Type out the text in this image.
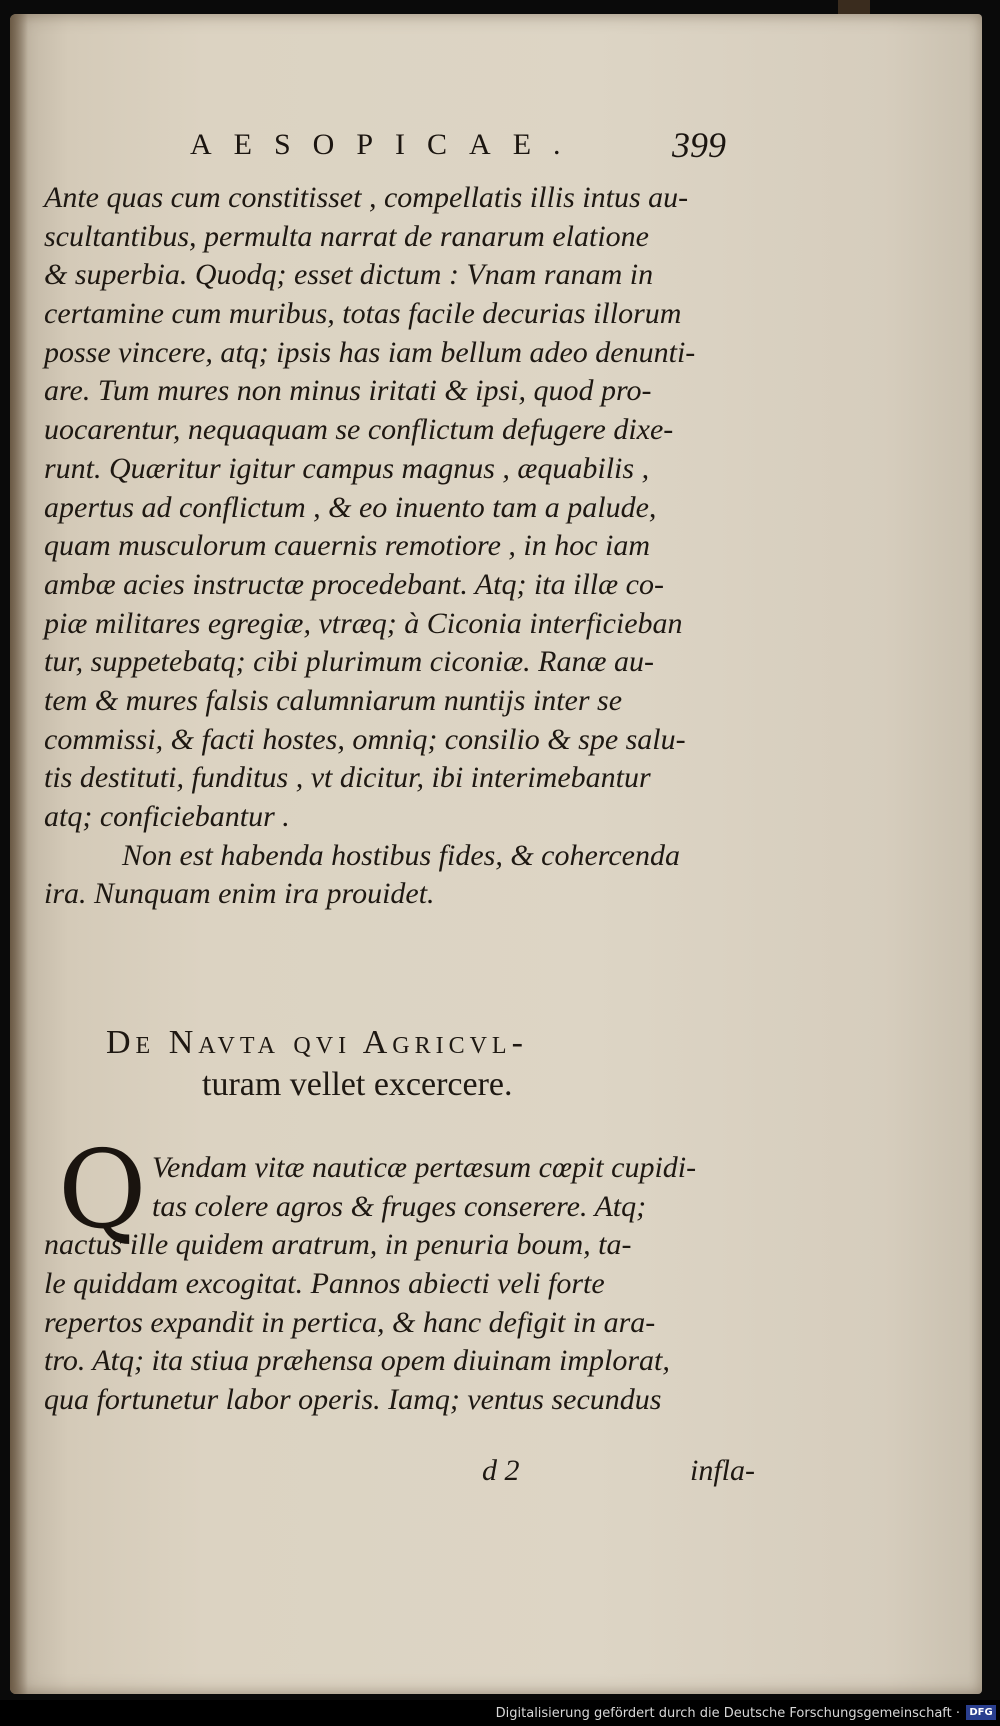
AESOPICAE. 399
Ante quas cum constitisset , compellatis illis intus au-
scultantibus, permulta narrat de ranarum elatione
& superbia. Quodq; esset dictum : Vnam ranam in
certamine cum muribus, totas facile decurias illorum
posse vincere, atq; ipsis has iam bellum adeo denunti-
are. Tum mures non minus iritati & ipsi, quod pro-
uocarentur, nequaquam se conflictum defugere dixe-
runt. Quæritur igitur campus magnus , æquabilis ,
apertus ad conflictum , & eo inuento tam a palude,
quam musculorum cauernis remotiore , in hoc iam
ambæ acies instructæ procedebant. Atq; ita illæ co-
piæ militares egregiæ, vtræq; à Ciconia interficieban
tur, suppetebatq; cibi plurimum ciconiæ. Ranæ au-
tem & mures falsis calumniarum nuntijs inter se
commissi, & facti hostes, omniq; consilio & spe salu-
tis destituti, funditus , vt dicitur, ibi interimebantur
atq; conficiebantur .
Non est habenda hostibus fides, & cohercenda
ira. Nunquam enim ira prouidet.
De Navta qvi Agricvl-
turam vellet excercere.
Q Vendam vitæ nauticæ pertæsum cœpit cupidi-
tas colere agros & fruges conserere. Atq;
nactus ille quidem aratrum, in penuria boum, ta-
le quiddam excogitat. Pannos abiecti veli forte
repertos expandit in pertica, & hanc defigit in ara-
tro. Atq; ita stiua præhensa opem diuinam implorat,
qua fortunetur labor operis. Iamq; ventus secundus
d 2	infla-
Digitalisierung gefördert durch die Deutsche Forschungsgemeinschaft · DFG
